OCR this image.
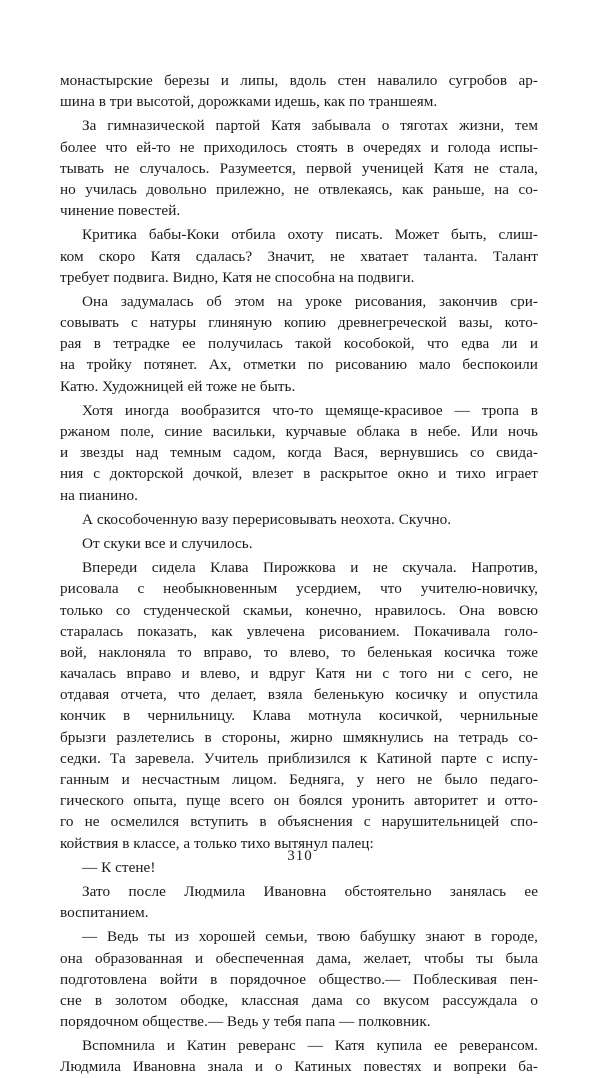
монастырские березы и липы, вдоль стен навалило сугробов ар-
шина в три высотой, дорожками идешь, как по траншеям.
За гимназической партой Катя забывала о тяготах жизни, тем
более что ей-то не приходилось стоять в очередях и голода испы-
тывать не случалось. Разумеется, первой ученицей Катя не стала,
но училась довольно прилежно, не отвлекаясь, как раньше, на со-
чинение повестей.
Критика бабы-Коки отбила охоту писать. Может быть, слиш-
ком скоро Катя сдалась? Значит, не хватает таланта. Талант
требует подвига. Видно, Катя не способна на подвиги.
Она задумалась об этом на уроке рисования, закончив сри-
совывать с натуры глиняную копию древнегреческой вазы, кото-
рая в тетрадке ее получилась такой кособокой, что едва ли и
на тройку потянет. Ах, отметки по рисованию мало беспокоили
Катю. Художницей ей тоже не быть.
Хотя иногда вообразится что-то щемяще-красивое — тропа в
ржаном поле, синие васильки, курчавые облака в небе. Или ночь
и звезды над темным садом, когда Вася, вернувшись со свида-
ния с докторской дочкой, влезет в раскрытое окно и тихо играет
на пианино.
А скособоченную вазу перерисовывать неохота. Скучно.
От скуки все и случилось.
Впереди сидела Клава Пирожкова и не скучала. Напротив,
рисовала с необыкновенным усердием, что учителю-новичку,
только со студенческой скамьи, конечно, нравилось. Она вовсю
старалась показать, как увлечена рисованием. Покачивала голо-
вой, наклоняла то вправо, то влево, то беленькая косичка тоже
качалась вправо и влево, и вдруг Катя ни с того ни с сего, не
отдавая отчета, что делает, взяла беленькую косичку и опустила
кончик в чернильницу. Клава мотнула косичкой, чернильные
брызги разлетелись в стороны, жирно шмякнулись на тетрадь со-
седки. Та заревела. Учитель приблизился к Катиной парте с испу-
ганным и несчастным лицом. Бедняга, у него не было педаго-
гического опыта, пуще всего он боялся уронить авторитет и отто-
го не осмелился вступить в объяснения с нарушительницей спо-
койствия в классе, а только тихо вытянул палец:
— К стене!
Зато после Людмила Ивановна обстоятельно занялась ее
воспитанием.
— Ведь ты из хорошей семьи, твою бабушку знают в городе,
она образованная и обеспеченная дама, желает, чтобы ты была
подготовлена войти в порядочное общество.— Поблескивая пен-
сне в золотом ободке, классная дама со вкусом рассуждала о
порядочном обществе.— Ведь у тебя папа — полковник.
Вспомнила и Катин реверанс — Катя купила ее реверансом.
Людмила Ивановна знала и о Катиных повестях и вопреки ба-
310
